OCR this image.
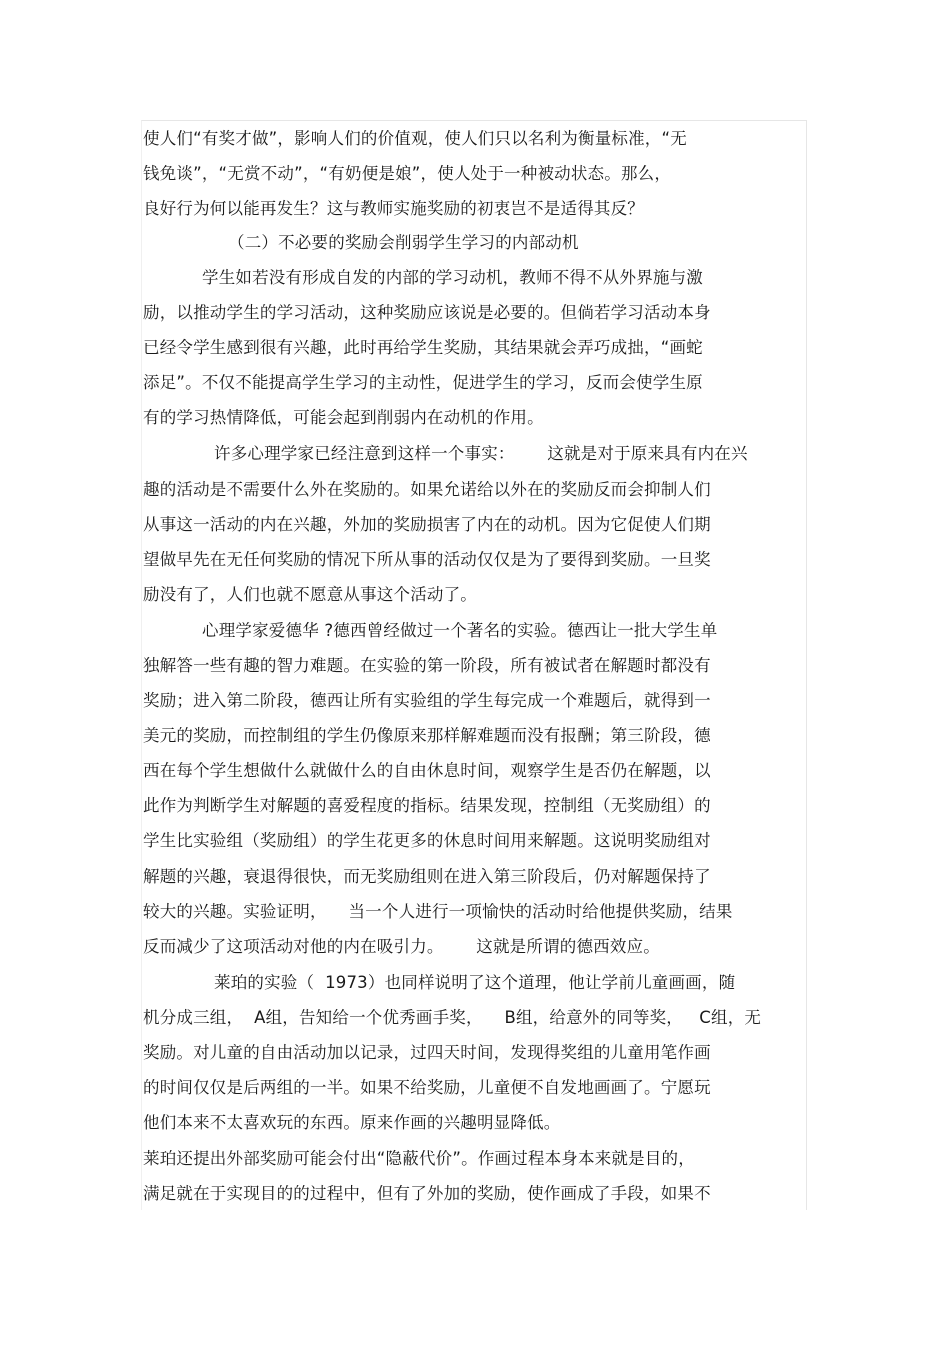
使人们“有奖才做”，影响人们的价值观，使人们只以名利为衡量标准，“无
钱免谈”，“无赏不动”，“有奶便是娘”，使人处于一种被动状态。那么，
良好行为何以能再发生？这与教师实施奖励的初衷岂不是适得其反？
（二）不必要的奖励会削弱学生学习的内部动机
学生如若没有形成自发的内部的学习动机，教师不得不从外界施与激
励，以推动学生的学习活动，这种奖励应该说是必要的。但倘若学习活动本身
已经令学生感到很有兴趣，此时再给学生奖励，其结果就会弄巧成拙，“画蛇
添足”。不仅不能提高学生学习的主动性，促进学生的学习，反而会使学生原
有的学习热情降低，可能会起到削弱内在动机的作用。
许多心理学家已经注意到这样一个事实：      这就是对于原来具有内在兴
趣的活动是不需要什么外在奖励的。如果允诺给以外在的奖励反而会抑制人们
从事这一活动的内在兴趣，外加的奖励损害了内在的动机。因为它促使人们期
望做早先在无任何奖励的情况下所从事的活动仅仅是为了要得到奖励。一旦奖
励没有了，人们也就不愿意从事这个活动了。
心理学家爱德华 ?德西曾经做过一个著名的实验。德西让一批大学生单
独解答一些有趣的智力难题。在实验的第一阶段，所有被试者在解题时都没有
奖励；进入第二阶段，德西让所有实验组的学生每完成一个难题后，就得到一
美元的奖励，而控制组的学生仍像原来那样解难题而没有报酬；第三阶段，德
西在每个学生想做什么就做什么的自由休息时间，观察学生是否仍在解题，以
此作为判断学生对解题的喜爱程度的指标。结果发现，控制组（无奖励组）的
学生比实验组（奖励组）的学生花更多的休息时间用来解题。这说明奖励组对
解题的兴趣，衰退得很快，而无奖励组则在进入第三阶段后，仍对解题保持了
较大的兴趣。实验证明，    当一个人进行一项愉快的活动时给他提供奖励，结果
反而减少了这项活动对他的内在吸引力。      这就是所谓的德西效应。
莱珀的实验（  1973）也同样说明了这个道理，他让学前儿童画画，随
机分成三组，  A组，告知给一个优秀画手奖，    B组，给意外的同等奖，   C组，无
奖励。对儿童的自由活动加以记录，过四天时间，发现得奖组的儿童用笔作画
的时间仅仅是后两组的一半。如果不给奖励，儿童便不自发地画画了。宁愿玩
他们本来不太喜欢玩的东西。原来作画的兴趣明显降低。
莱珀还提出外部奖励可能会付出“隐蔽代价”。作画过程本身本来就是目的，
满足就在于实现目的的过程中，但有了外加的奖励，使作画成了手段，如果不
